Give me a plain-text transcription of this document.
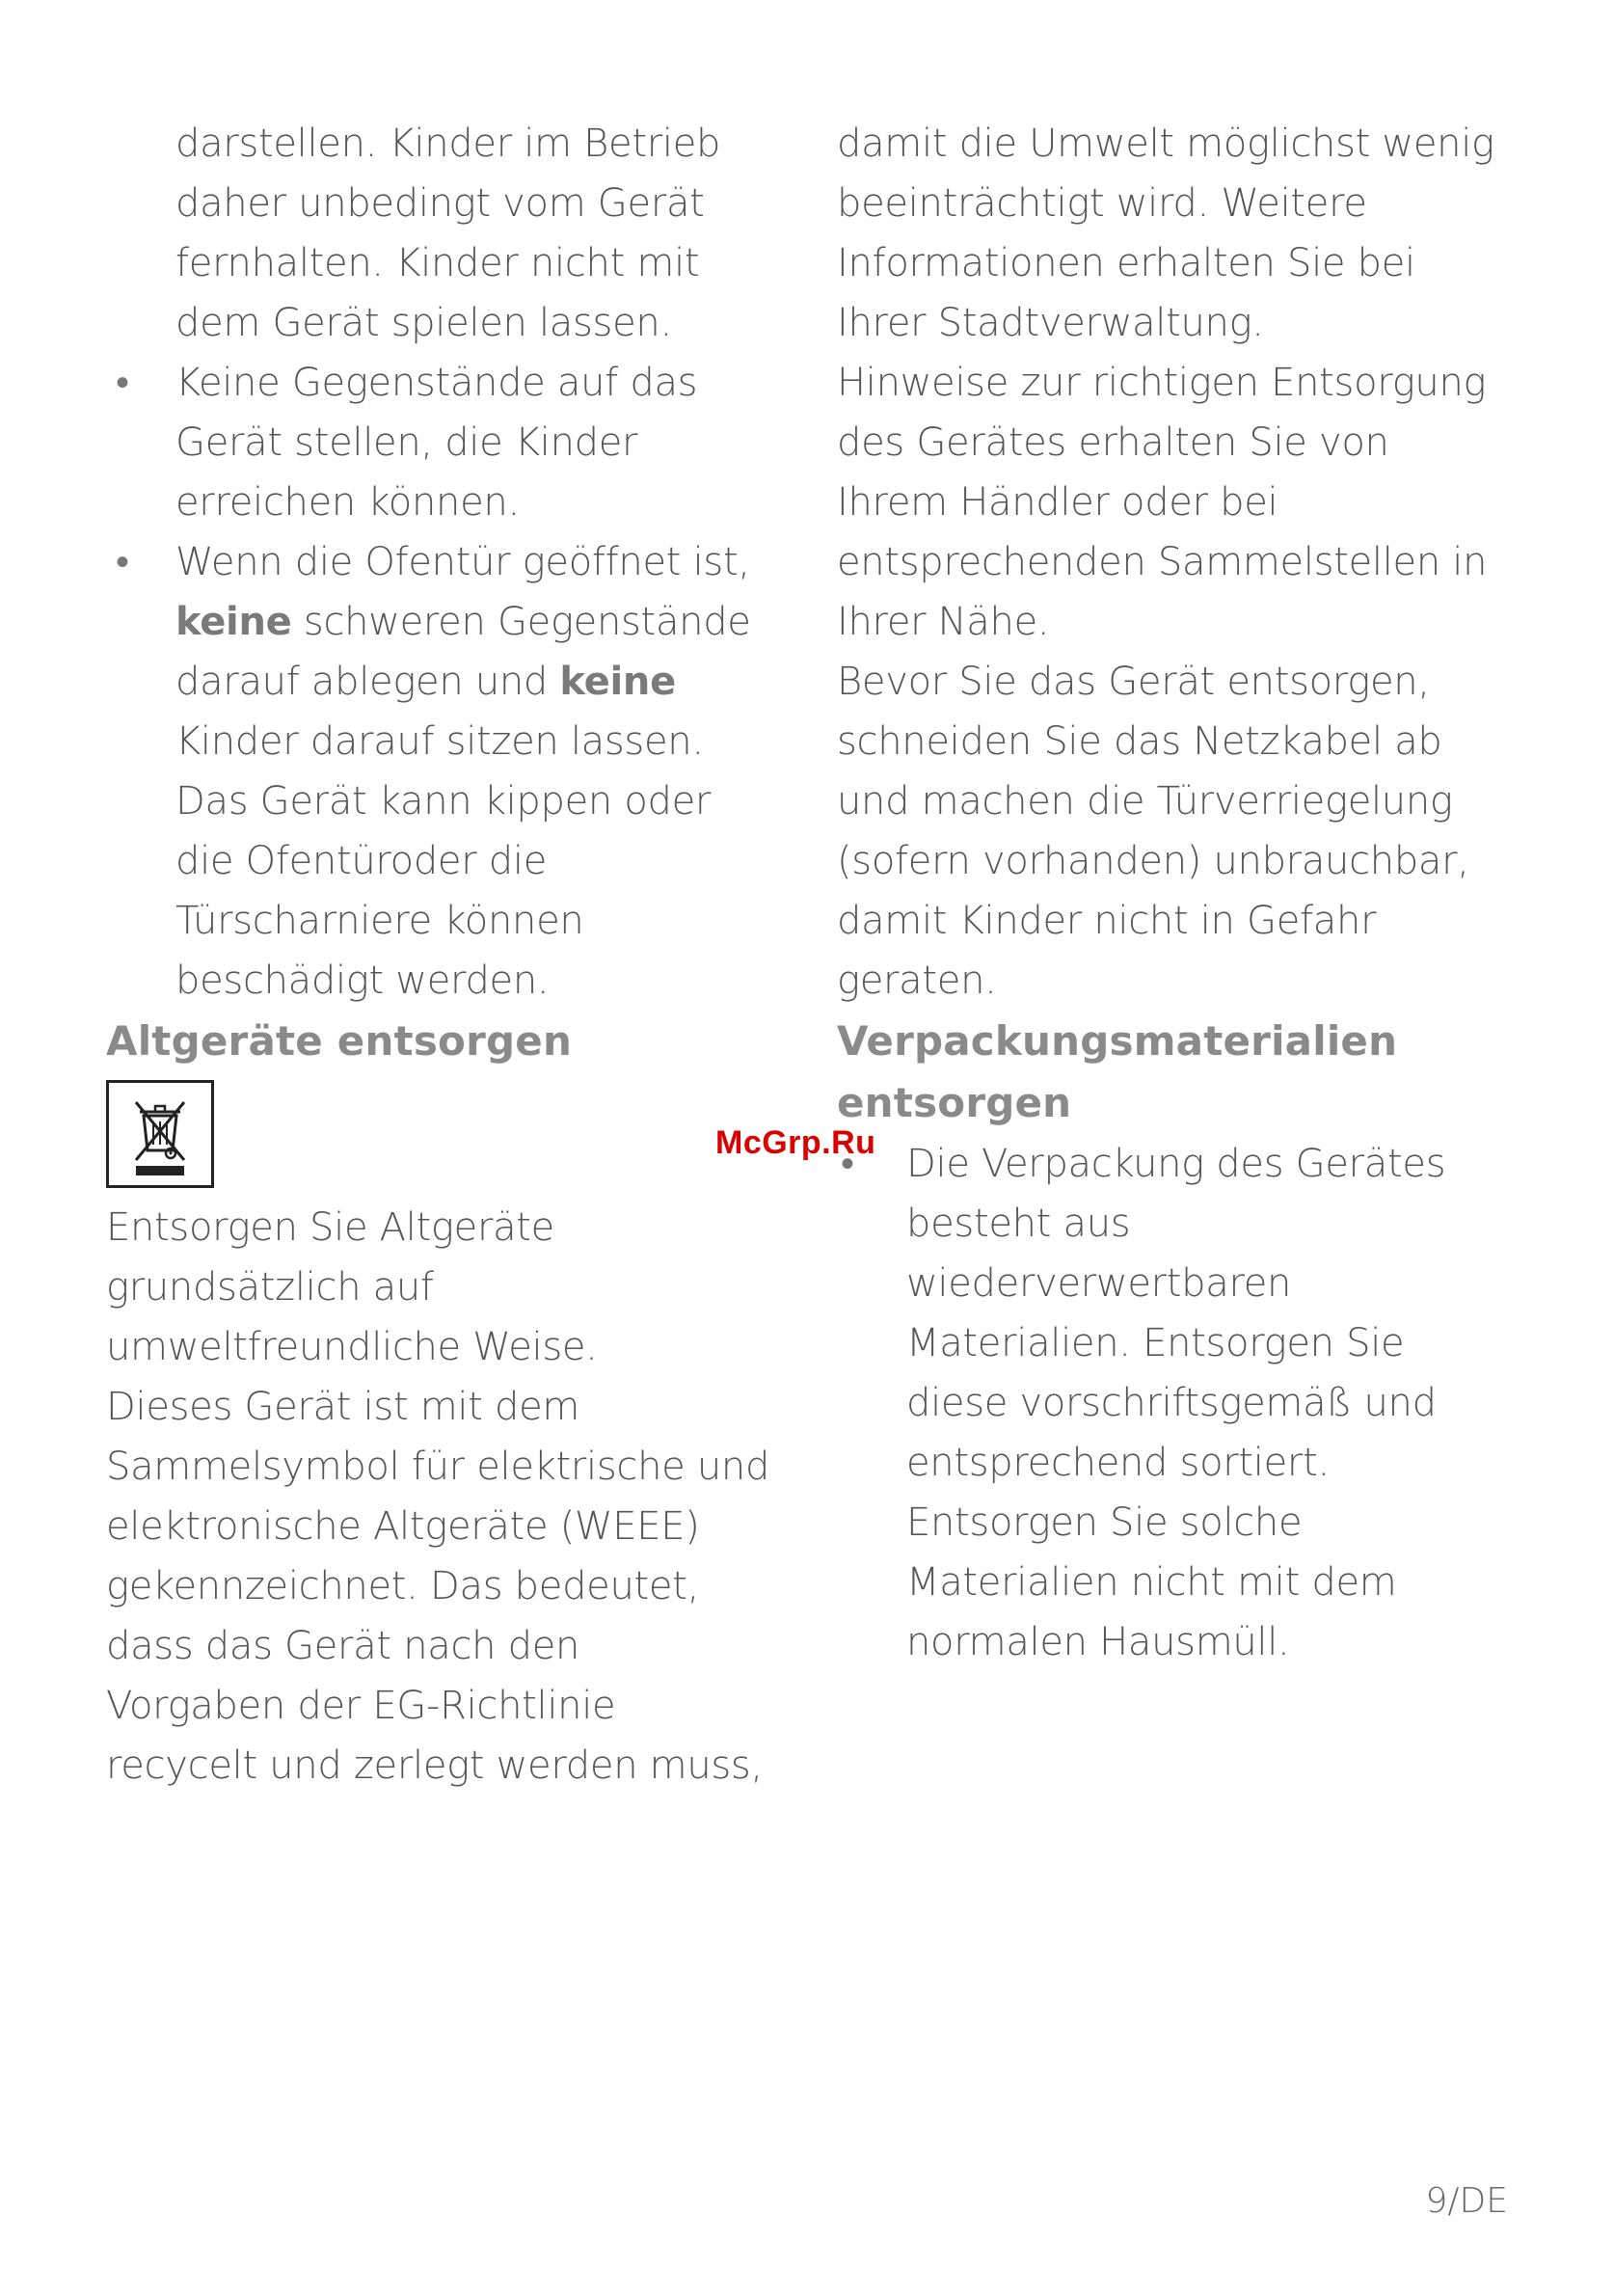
darstellen. Kinder im Betrieb
daher unbedingt vom Gerät
fernhalten. Kinder nicht mit
dem Gerät spielen lassen.
• Keine Gegenstände auf das
Gerät stellen, die Kinder
erreichen können.
• Wenn die Ofentür geöffnet ist,
keine schweren Gegenstände
darauf ablegen und keine
Kinder darauf sitzen lassen.
Das Gerät kann kippen oder
die Ofentüroder die
Türscharniere können
beschädigt werden.
Altgeräte entsorgen
Entsorgen Sie Altgeräte
grundsätzlich auf
umweltfreundliche Weise.
Dieses Gerät ist mit dem
Sammelsymbol für elektrische und
elektronische Altgeräte (WEEE)
gekennzeichnet. Das bedeutet,
dass das Gerät nach den
Vorgaben der EG-Richtlinie
recycelt und zerlegt werden muss,
damit die Umwelt möglichst wenig
beeinträchtigt wird. Weitere
Informationen erhalten Sie bei
Ihrer Stadtverwaltung.
Hinweise zur richtigen Entsorgung
des Gerätes erhalten Sie von
Ihrem Händler oder bei
entsprechenden Sammelstellen in
Ihrer Nähe.
Bevor Sie das Gerät entsorgen,
schneiden Sie das Netzkabel ab
und machen die Türverriegelung
(sofern vorhanden) unbrauchbar,
damit Kinder nicht in Gefahr
geraten.
Verpackungsmaterialien
entsorgen
• Die Verpackung des Gerätes
besteht aus
wiederverwertbaren
Materialien. Entsorgen Sie
diese vorschriftsgemäß und
entsprechend sortiert.
Entsorgen Sie solche
Materialien nicht mit dem
normalen Hausmüll.
McGrp.Ru
9/DE
